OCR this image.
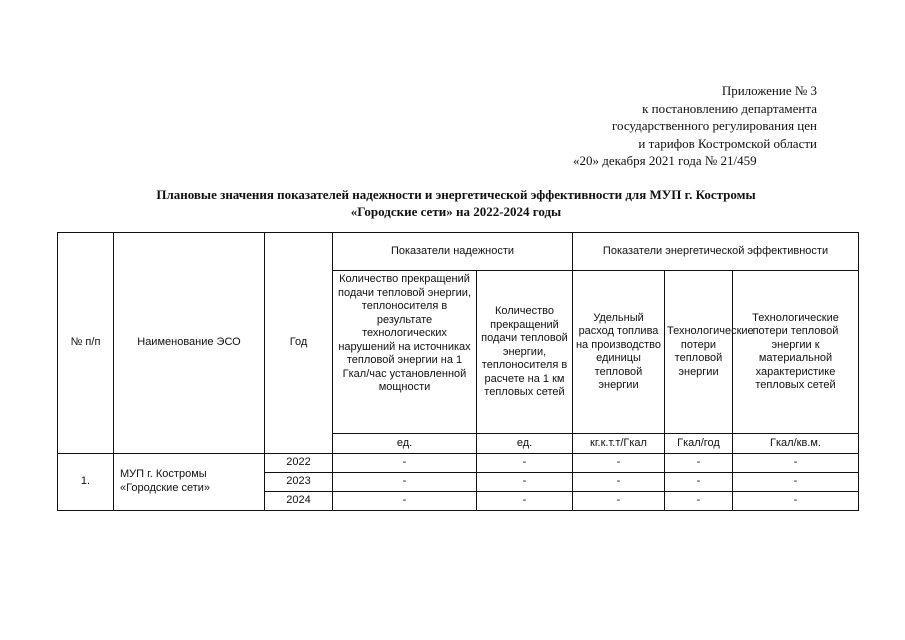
Приложение № 3
к постановлению департамента
государственного регулирования цен
и тарифов Костромской области
«20» декабря 2021 года № 21/459
Плановые значения показателей надежности и энергетической эффективности для МУП г. Костромы
«Городские сети» на 2022-2024 годы
№ п/п	Наименование ЭСО	Год	Показатели надежности		Показатели энергетической эффективности		
			Количество прекращений подачи тепловой энергии, теплоносителя в результате технологических нарушений на источниках тепловой энергии на 1 Гкал/час установленной мощности	Количество прекращений подачи тепловой энергии, теплоносителя в расчете на 1 км тепловых сетей	Удельный расход топлива на производство единицы тепловой энергии	Технологические потери тепловой энергии	Технологические потери тепловой энергии к материальной характеристике тепловых сетей
			ед.	ед.	кг.к.т.т/Гкал	Гкал/год	Гкал/кв.м.
1.	МУП г. Костромы «Городские сети»	2022	-	-	-	-	-
		2023	-	-	-	-	-
		2024	-	-	-	-	-
